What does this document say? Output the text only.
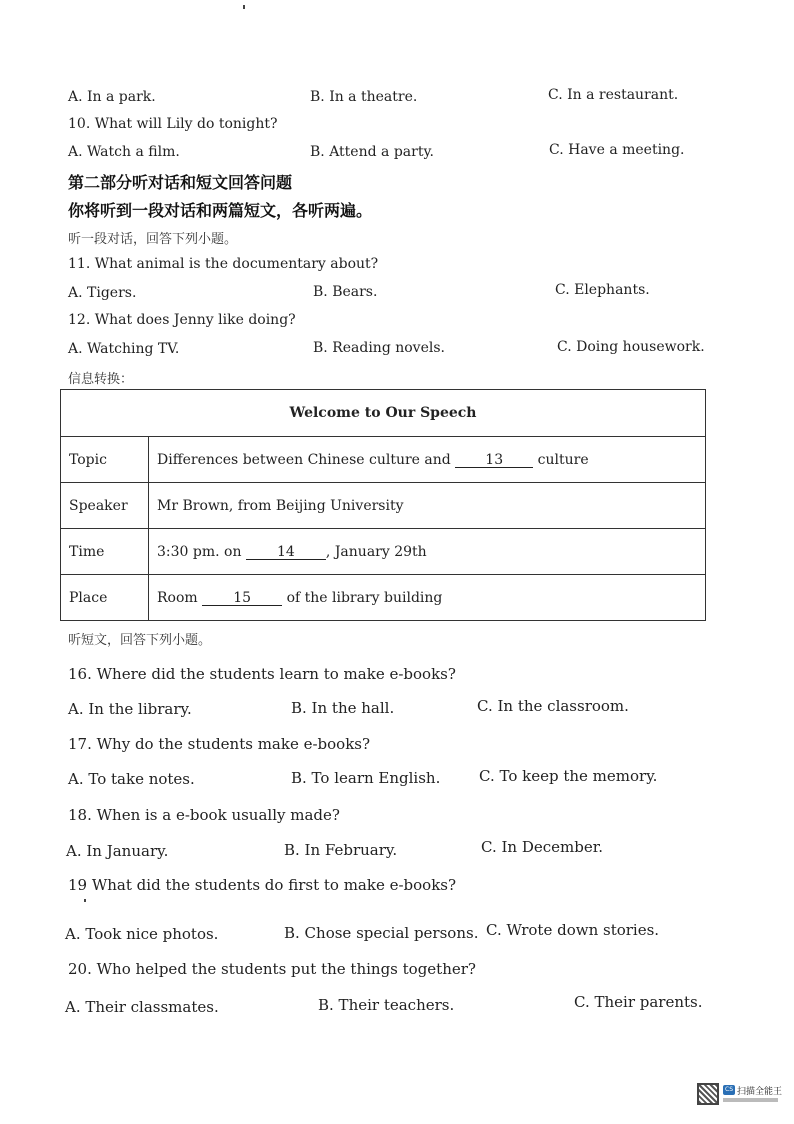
A. In a park.	B. In a theatre.	C. In a restaurant.
10. What will Lily do tonight?
A. Watch a film.	B. Attend a party.	C. Have a meeting.
第二部分听对话和短文回答问题
你将听到一段对话和两篇短文，各听两遍。
听一段对话，回答下列小题。
11. What animal is the documentary about?
A. Tigers.	B. Bears.	C. Elephants.
12. What does Jenny like doing?
A. Watching TV.	B. Reading novels.	C. Doing housework.
信息转换：
Welcome to Our Speech	
Topic	Differences between Chinese culture and 13 culture
Speaker	Mr Brown, from Beijing University
Time	3:30 pm. on 14 , January 29th
Place	Room 15 of the library building
听短文，回答下列小题。
16. Where did the students learn to make e-books?
A. In the library.	B. In the hall.	C. In the classroom.
17. Why do the students make e-books?
A. To take notes.	B. To learn English.	C. To keep the memory.
18. When is a e-book usually made?
A. In January.	B. In February.	C. In December.
19 What did the students do first to make e-books?
A. Took nice photos.	B. Chose special persons. C. Wrote down stories.
20. Who helped the students put the things together?
A. Their classmates.	B. Their teachers.	C. Their parents.
CS 扫描全能王
